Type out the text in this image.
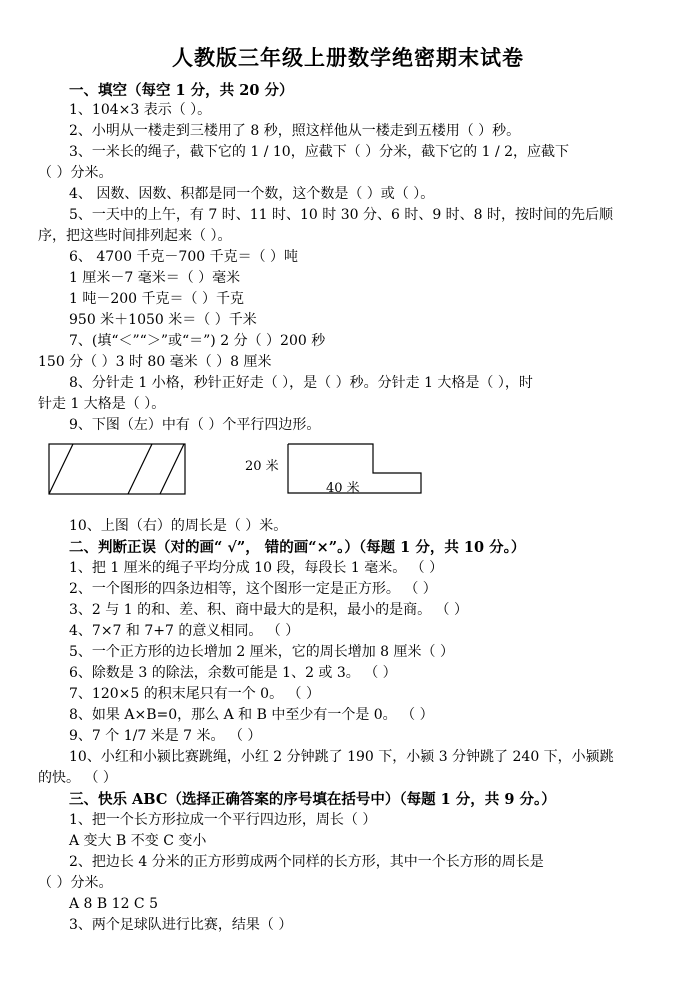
人教版三年级上册数学绝密期末试卷
一、填空（每空 1 分，共 20 分）
1、104×3 表示（ ）。
2、小明从一楼走到三楼用了 8 秒，照这样他从一楼走到五楼用（ ）秒。
3、一米长的绳子，截下它的 1 / 10，应截下（ ）分米，截下它的 1 / 2，应截下
（ ）分米。
4、 因数、因数、积都是同一个数，这个数是（ ）或（ ）。
5、一天中的上午，有 7 时、11 时、10 时 30 分、6 时、9 时、8 时，按时间的先后顺
序，把这些时间排列起来（ ）。
6、 4700 千克－700 千克＝（ ）吨
1 厘米－7 毫米＝（ ）毫米
1 吨－200 千克＝（ ）千克
950 米＋1050 米＝（ ）千米
7、(填“＜”“＞”或“＝”) 2 分（ ）200 秒
150 分（ ）3 时 80 毫米（ ）8 厘米
8、分针走 1 小格，秒针正好走（ ），是（ ）秒。分针走 1 大格是（ ），时
针走 1 大格是（ ）。
9、下图（左）中有（ ）个平行四边形。
20 米
40 米
10、上图（右）的周长是（ ）米。
二、判断正误（对的画“ √”， 错的画“×”。）（每题 1 分，共 10 分。）
1、把 1 厘米的绳子平均分成 10 段，每段长 1 毫米。 （ ）
2、一个图形的四条边相等，这个图形一定是正方形。 （ ）
3、2 与 1 的和、差、积、商中最大的是积，最小的是商。 （ ）
4、7×7 和 7+7 的意义相同。 （ ）
5、一个正方形的边长增加 2 厘米，它的周长增加 8 厘米（ ）
6、除数是 3 的除法，余数可能是 1、2 或 3。 （ ）
7、120×5 的积末尾只有一个 0。 （ ）
8、如果 A×B=0，那么 A 和 B 中至少有一个是 0。 （ ）
9、7 个 1/7 米是 7 米。 （ ）
10、小红和小颍比赛跳绳，小红 2 分钟跳了 190 下，小颍 3 分钟跳了 240 下，小颍跳
的快。 （ ）
三、快乐 ABC（选择正确答案的序号填在括号中）（每题 1 分，共 9 分。）
1、把一个长方形拉成一个平行四边形，周长（ ）
A 变大 B 不变 C 变小
2、把边长 4 分米的正方形剪成两个同样的长方形，其中一个长方形的周长是
（ ）分米。
A 8 B 12 C 5
3、两个足球队进行比赛，结果（ ）
